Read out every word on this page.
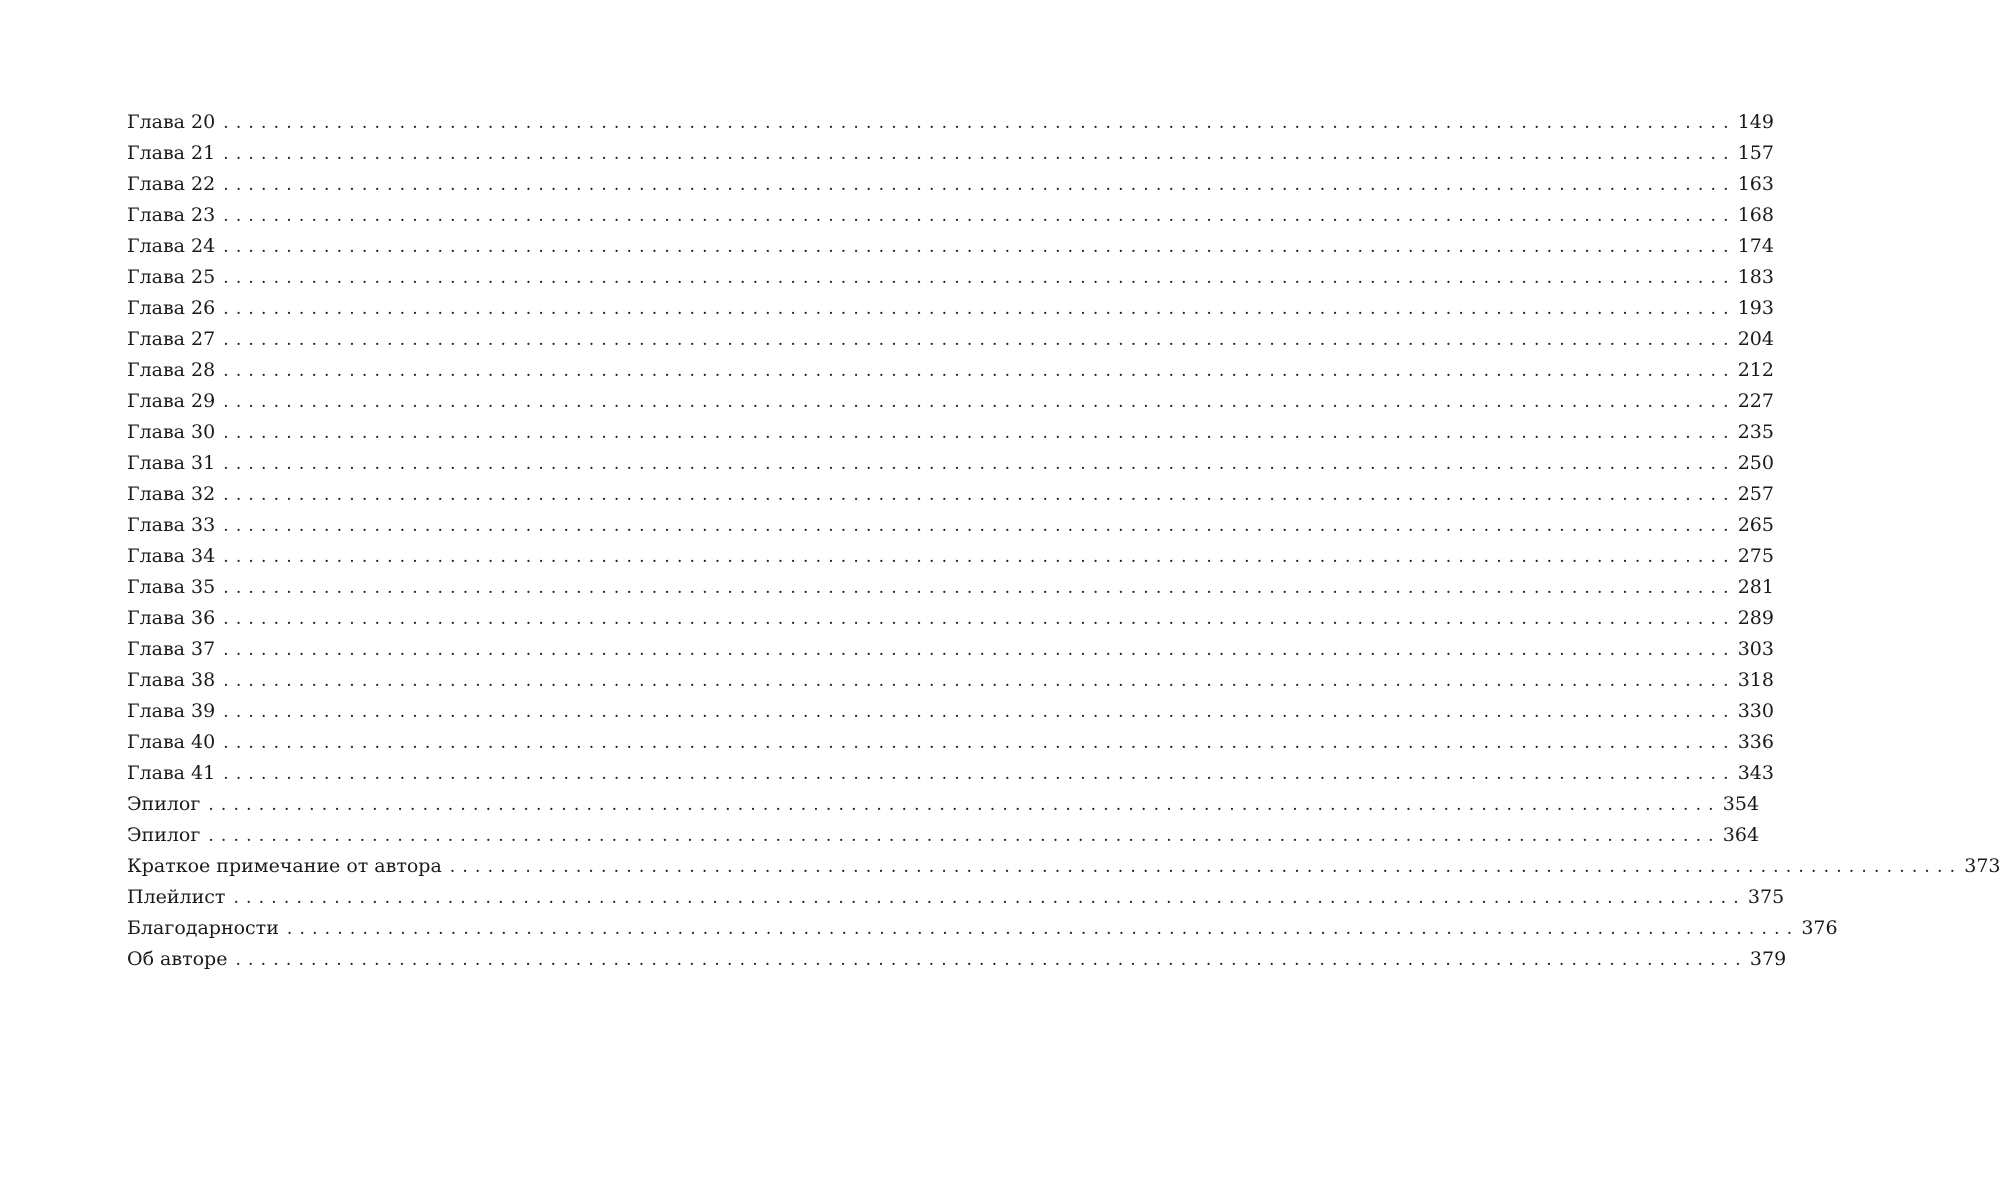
Глава 20 ........................................................................................................................ 149
Глава 21 ........................................................................................................................ 157
Глава 22 ........................................................................................................................ 163
Глава 23 ........................................................................................................................ 168
Глава 24 ........................................................................................................................ 174
Глава 25 ........................................................................................................................ 183
Глава 26 ........................................................................................................................ 193
Глава 27 ........................................................................................................................ 204
Глава 28 ........................................................................................................................ 212
Глава 29 ........................................................................................................................ 227
Глава 30 ........................................................................................................................ 235
Глава 31 ........................................................................................................................ 250
Глава 32 ........................................................................................................................ 257
Глава 33 ........................................................................................................................ 265
Глава 34 ........................................................................................................................ 275
Глава 35 ........................................................................................................................ 281
Глава 36 ........................................................................................................................ 289
Глава 37 ........................................................................................................................ 303
Глава 38 ........................................................................................................................ 318
Глава 39 ........................................................................................................................ 330
Глава 40 ........................................................................................................................ 336
Глава 41 ........................................................................................................................ 343
Эпилог ........................................................................................................................ 354
Эпилог ........................................................................................................................ 364
Краткое примечание от автора ........................................................................................................................ 373
Плейлист ........................................................................................................................ 375
Благодарности ........................................................................................................................ 376
Об авторе ........................................................................................................................ 379
